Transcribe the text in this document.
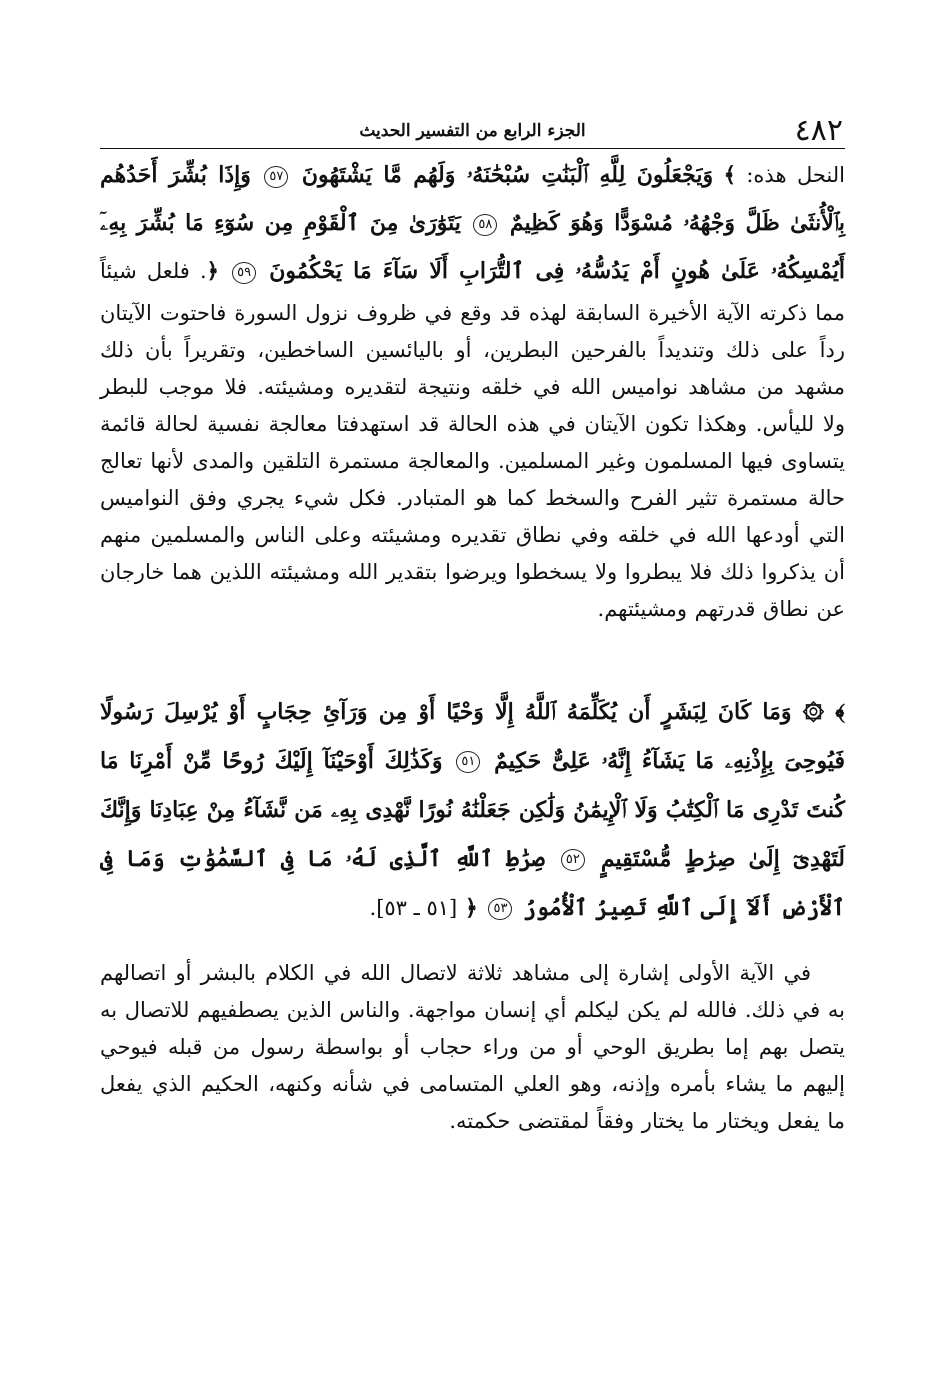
٤٨٢
الجزء الرابع من التفسير الحديث

النحل هذه: ﴾ وَيَجْعَلُونَ لِلَّهِ ٱلْبَنَٰتِ سُبْحَٰنَهُۥ وَلَهُم مَّا يَشْتَهُونَ ٥٧ وَإِذَا بُشِّرَ أَحَدُهُم بِٱلْأُنثَىٰ ظَلَّ وَجْهُهُۥ مُسْوَدًّا وَهُوَ كَظِيمٌ ٥٨ يَتَوَٰرَىٰ مِنَ ٱلْقَوْمِ مِن سُوٓءِ مَا بُشِّرَ بِهِۦٓ أَيُمْسِكُهُۥ عَلَىٰ هُونٍ أَمْ يَدُسُّهُۥ فِى ٱلتُّرَابِ أَلَا سَآءَ مَا يَحْكُمُونَ ٥٩ ﴿. فلعل شيئاً مما ذكرته الآية الأخيرة السابقة لهذه قد وقع في ظروف نزول السورة فاحتوت الآيتان رداً على ذلك وتنديداً بالفرحين البطرين، أو باليائسين الساخطين، وتقريراً بأن ذلك مشهد من مشاهد نواميس الله في خلقه ونتيجة لتقديره ومشيئته. فلا موجب للبطر ولا لليأس. وهكذا تكون الآيتان في هذه الحالة قد استهدفتا معالجة نفسية لحالة قائمة يتساوى فيها المسلمون وغير المسلمين. والمعالجة مستمرة التلقين والمدى لأنها تعالج حالة مستمرة تثير الفرح والسخط كما هو المتبادر. فكل شيء يجري وفق النواميس التي أودعها الله في خلقه وفي نطاق تقديره ومشيئته وعلى الناس والمسلمين منهم أن يذكروا ذلك فلا يبطروا ولا يسخطوا ويرضوا بتقدير الله ومشيئته اللذين هما خارجان عن نطاق قدرتهم ومشيئتهم.

﴾ ۞ وَمَا كَانَ لِبَشَرٍ أَن يُكَلِّمَهُ ٱللَّهُ إِلَّا وَحْيًا أَوْ مِن وَرَآئِ حِجَابٍ أَوْ يُرْسِلَ رَسُولًا فَيُوحِىَ بِإِذْنِهِۦ مَا يَشَآءُ إِنَّهُۥ عَلِىٌّ حَكِيمٌ ٥١ وَكَذَٰلِكَ أَوْحَيْنَآ إِلَيْكَ رُوحًا مِّنْ أَمْرِنَا مَا كُنتَ تَدْرِى مَا ٱلْكِتَٰبُ وَلَا ٱلْإِيمَٰنُ وَلَٰكِن جَعَلْنَٰهُ نُورًا نَّهْدِى بِهِۦ مَن نَّشَآءُ مِنْ عِبَادِنَا وَإِنَّكَ لَتَهْدِىٓ إِلَىٰ صِرَٰطٍ مُّسْتَقِيمٍ ٥٢ صِرَٰطِ ٱللَّهِ ٱلَّذِى لَهُۥ مَا فِى ٱلسَّمَٰوَٰتِ وَمَا فِى ٱلْأَرْضِ أَلَآ إِلَى ٱللَّهِ تَصِيرُ ٱلْأُمُورُ ٥٣ ﴿ [٥١ ـ ٥٣].

في الآية الأولى إشارة إلى مشاهد ثلاثة لاتصال الله في الكلام بالبشر أو اتصالهم به في ذلك. فالله لم يكن ليكلم أي إنسان مواجهة. والناس الذين يصطفيهم للاتصال به يتصل بهم إما بطريق الوحي أو من وراء حجاب أو بواسطة رسول من قبله فيوحي إليهم ما يشاء بأمره وإذنه، وهو العلي المتسامى في شأنه وكنهه، الحكيم الذي يفعل ما يفعل ويختار ما يختار وفقاً لمقتضى حكمته.
